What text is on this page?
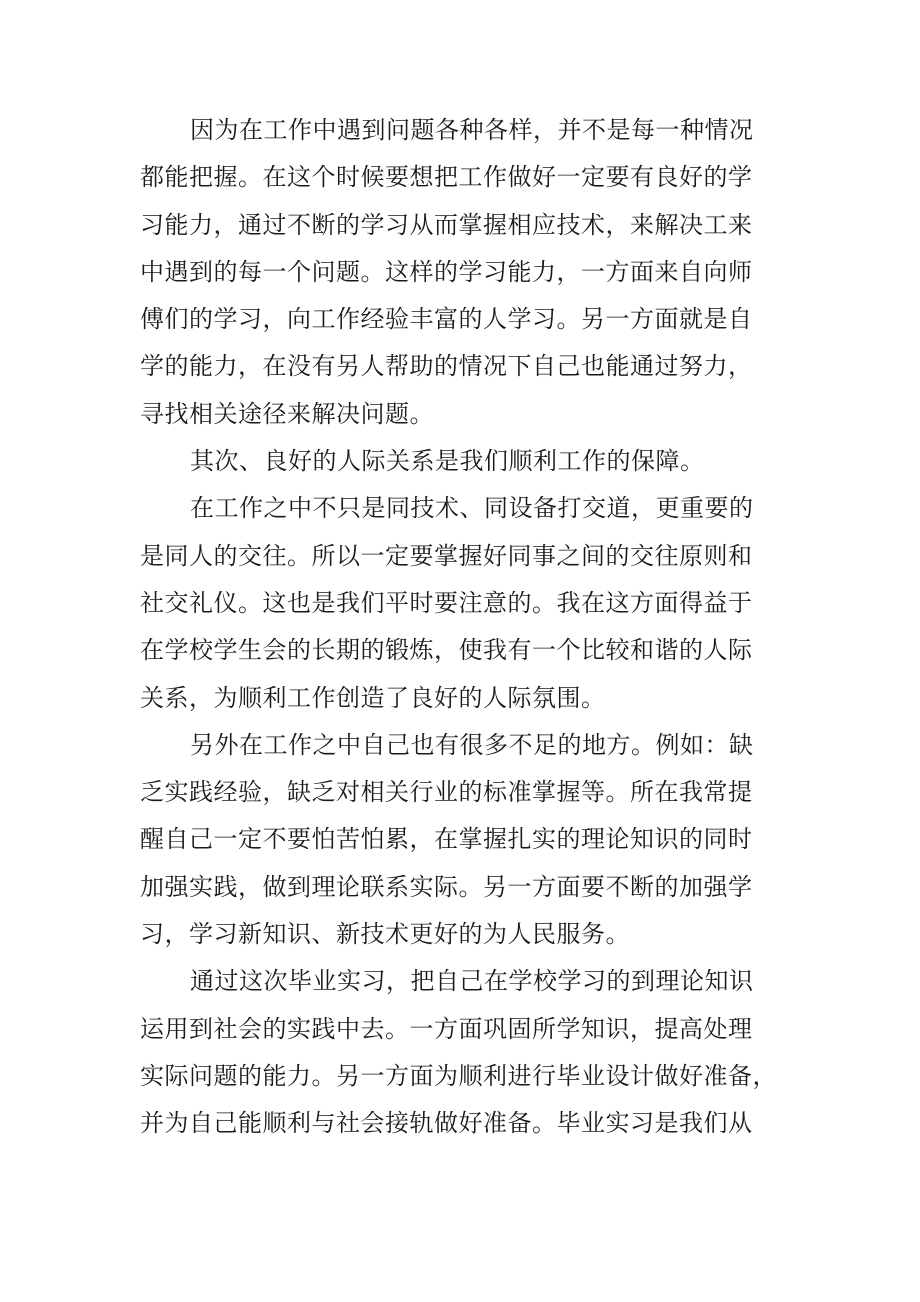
因为在工作中遇到问题各种各样，并不是每一种情况
都能把握。在这个时候要想把工作做好一定要有良好的学
习能力，通过不断的学习从而掌握相应技术，来解决工来
中遇到的每一个问题。这样的学习能力，一方面来自向师
傅们的学习，向工作经验丰富的人学习。另一方面就是自
学的能力，在没有另人帮助的情况下自己也能通过努力，
寻找相关途径来解决问题。
其次、良好的人际关系是我们顺利工作的保障。
在工作之中不只是同技术、同设备打交道，更重要的
是同人的交往。所以一定要掌握好同事之间的交往原则和
社交礼仪。这也是我们平时要注意的。我在这方面得益于
在学校学生会的长期的锻炼，使我有一个比较和谐的人际
关系，为顺利工作创造了良好的人际氛围。
另外在工作之中自己也有很多不足的地方。例如：缺
乏实践经验，缺乏对相关行业的标准掌握等。所在我常提
醒自己一定不要怕苦怕累，在掌握扎实的理论知识的同时
加强实践，做到理论联系实际。另一方面要不断的加强学
习，学习新知识、新技术更好的为人民服务。
通过这次毕业实习，把自己在学校学习的到理论知识
运用到社会的实践中去。一方面巩固所学知识，提高处理
实际问题的能力。另一方面为顺利进行毕业设计做好准备，
并为自己能顺利与社会接轨做好准备。毕业实习是我们从
